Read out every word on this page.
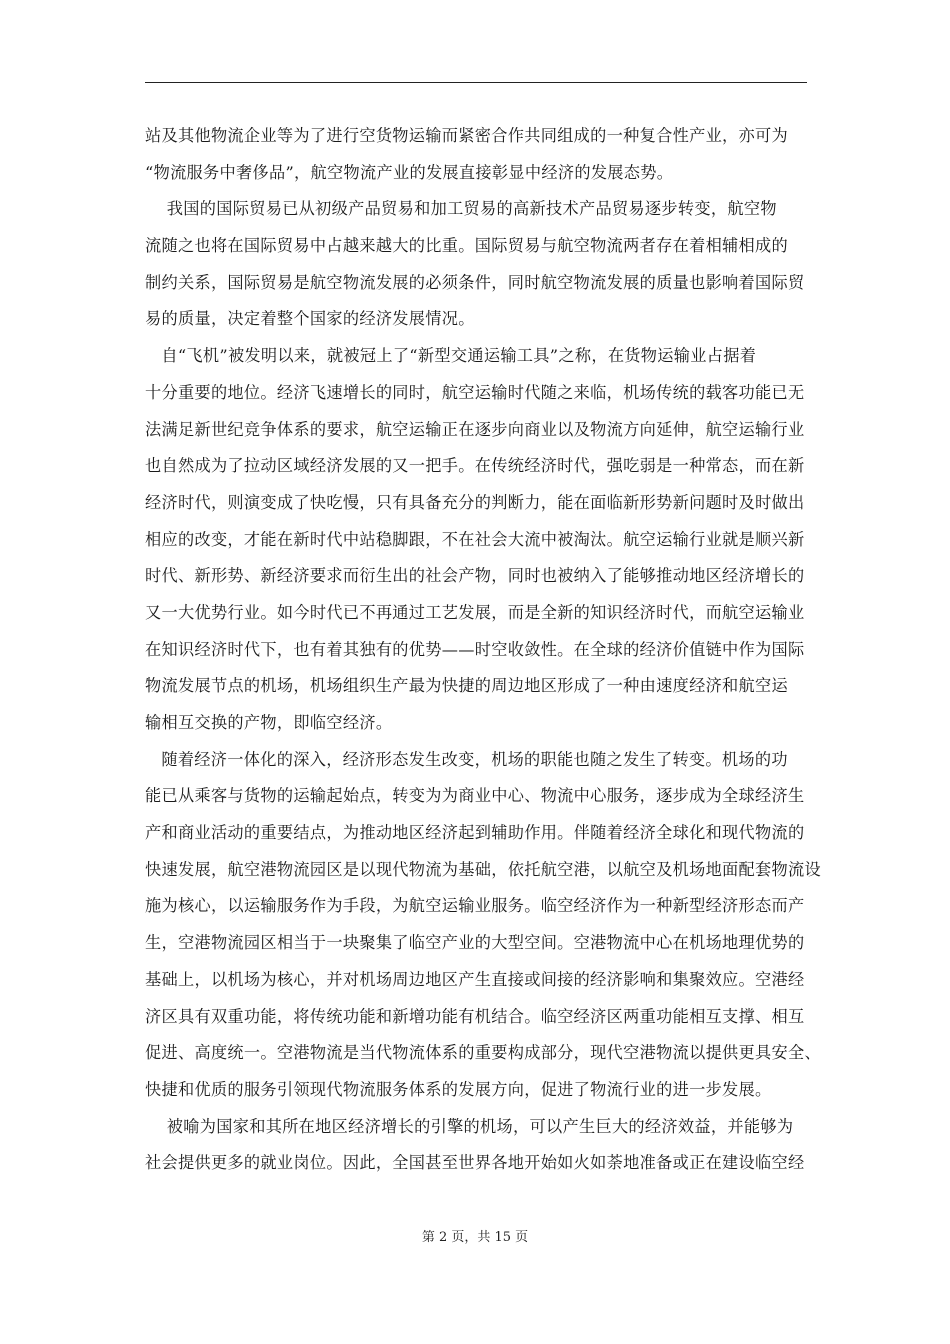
站及其他物流企业等为了进行空货物运输而紧密合作共同组成的一种复合性产业，亦可为
“物流服务中奢侈品”，航空物流产业的发展直接彰显中经济的发展态势。
我国的国际贸易已从初级产品贸易和加工贸易的高新技术产品贸易逐步转变，航空物
流随之也将在国际贸易中占越来越大的比重。国际贸易与航空物流两者存在着相辅相成的
制约关系，国际贸易是航空物流发展的必须条件，同时航空物流发展的质量也影响着国际贸
易的质量，决定着整个国家的经济发展情况。
自“飞机”被发明以来，就被冠上了“新型交通运输工具”之称，在货物运输业占据着
十分重要的地位。经济飞速增长的同时，航空运输时代随之来临，机场传统的载客功能已无
法满足新世纪竞争体系的要求，航空运输正在逐步向商业以及物流方向延伸，航空运输行业
也自然成为了拉动区域经济发展的又一把手。在传统经济时代，强吃弱是一种常态，而在新
经济时代，则演变成了快吃慢，只有具备充分的判断力，能在面临新形势新问题时及时做出
相应的改变，才能在新时代中站稳脚跟，不在社会大流中被淘汰。航空运输行业就是顺兴新
时代、新形势、新经济要求而衍生出的社会产物，同时也被纳入了能够推动地区经济增长的
又一大优势行业。如今时代已不再通过工艺发展，而是全新的知识经济时代，而航空运输业
在知识经济时代下，也有着其独有的优势——时空收敛性。在全球的经济价值链中作为国际
物流发展节点的机场，机场组织生产最为快捷的周边地区形成了一种由速度经济和航空运
输相互交换的产物，即临空经济。
随着经济一体化的深入，经济形态发生改变，机场的职能也随之发生了转变。机场的功
能已从乘客与货物的运输起始点，转变为为商业中心、物流中心服务，逐步成为全球经济生
产和商业活动的重要结点，为推动地区经济起到辅助作用。伴随着经济全球化和现代物流的
快速发展，航空港物流园区是以现代物流为基础，依托航空港，以航空及机场地面配套物流设
施为核心，以运输服务作为手段，为航空运输业服务。临空经济作为一种新型经济形态而产
生，空港物流园区相当于一块聚集了临空产业的大型空间。空港物流中心在机场地理优势的
基础上，以机场为核心，并对机场周边地区产生直接或间接的经济影响和集聚效应。空港经
济区具有双重功能，将传统功能和新增功能有机结合。临空经济区两重功能相互支撑、相互
促进、高度统一。空港物流是当代物流体系的重要构成部分，现代空港物流以提供更具安全、
快捷和优质的服务引领现代物流服务体系的发展方向，促进了物流行业的进一步发展。
被喻为国家和其所在地区经济增长的引擎的机场，可以产生巨大的经济效益，并能够为
社会提供更多的就业岗位。因此，全国甚至世界各地开始如火如荼地准备或正在建设临空经
第 2 页，共 15 页
